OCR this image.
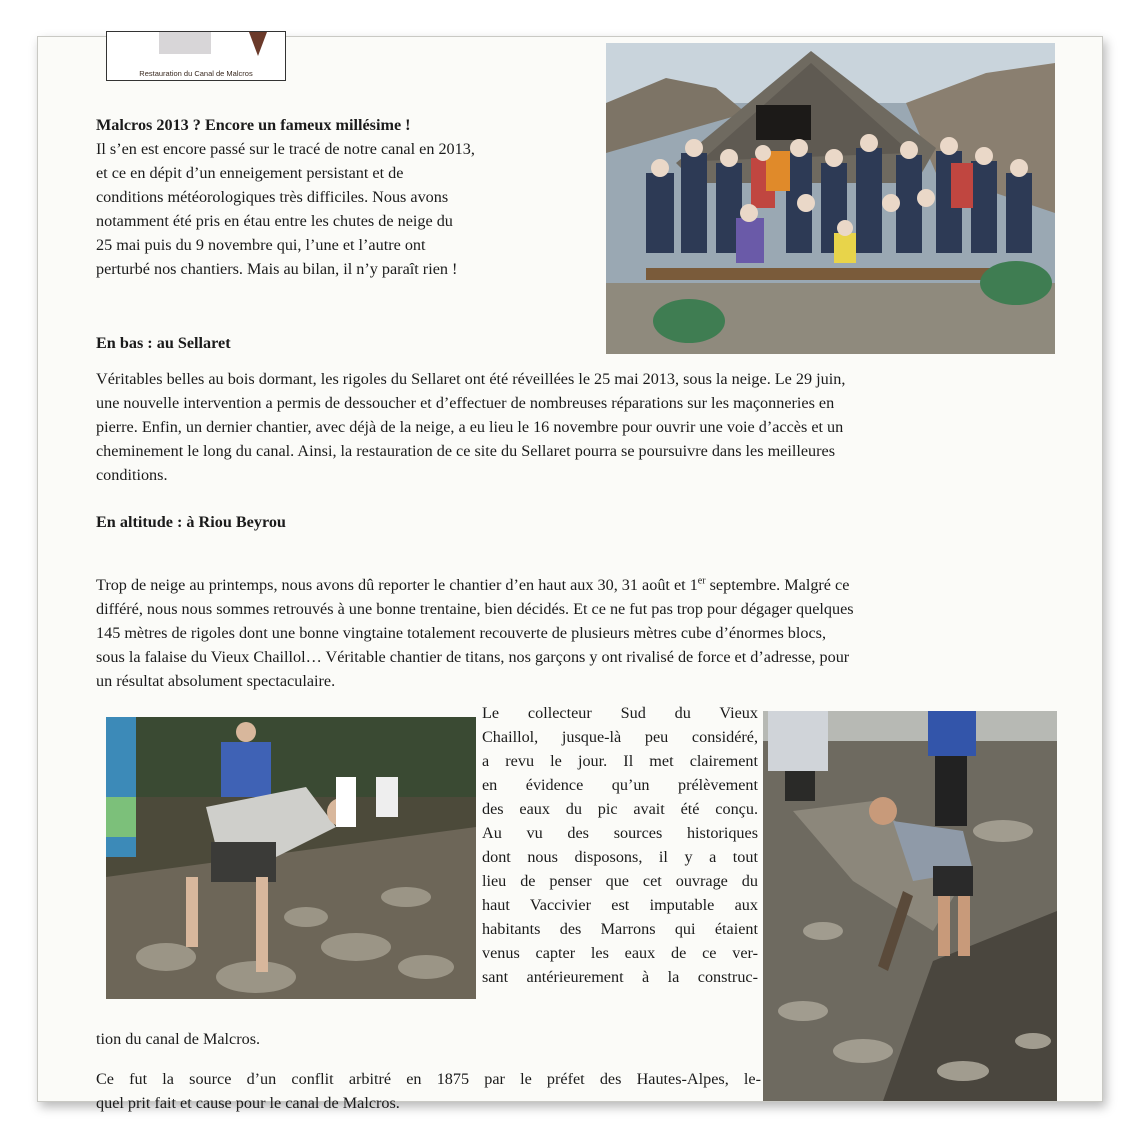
Restauration du Canal de Malcros
Malcros 2013 ? Encore un fameux millésime !
Il s’en est encore passé sur le tracé de notre canal en 2013,
et ce en dépit d’un enneigement persistant et de
conditions météorologiques très difficiles. Nous avons
notamment été pris en étau entre les chutes de neige du
25 mai puis du 9 novembre qui, l’une et l’autre ont
perturbé nos chantiers. Mais au bilan, il n’y paraît rien !
En bas : au Sellaret
Véritables belles au bois dormant, les rigoles du Sellaret ont été réveillées le 25 mai 2013, sous la neige. Le 29 juin,
une nouvelle intervention a permis de dessoucher et d’effectuer de nombreuses réparations sur les maçonneries en
pierre. Enfin, un dernier chantier, avec déjà de la neige, a eu lieu le 16 novembre pour ouvrir une voie d’accès et un
cheminement le long du canal. Ainsi, la restauration de ce site du Sellaret pourra se poursuivre dans les meilleures
conditions.
En altitude : à Riou Beyrou
Trop de neige au printemps, nous avons dû reporter le chantier d’en haut aux 30, 31 août et 1er septembre. Malgré ce
différé, nous nous sommes retrouvés à une bonne trentaine, bien décidés. Et ce ne fut pas trop pour dégager quelques
145 mètres de rigoles dont une bonne vingtaine totalement recouverte de plusieurs mètres cube d’énormes blocs,
sous la falaise du Vieux Chaillol… Véritable chantier de titans, nos garçons y ont rivalisé de force et d’adresse, pour
un résultat absolument spectaculaire.
Le collecteur Sud du Vieux
Chaillol, jusque-là peu considéré,
a revu le jour. Il met clairement
en évidence qu’un prélèvement
des eaux du pic avait été conçu.
Au vu des sources historiques
dont nous disposons, il y a tout
lieu de penser que cet ouvrage du
haut Vaccivier est imputable aux
habitants des Marrons qui étaient
venus capter les eaux de ce ver-
sant antérieurement à la construc-
tion du canal de Malcros.
Ce fut la source d’un conflit arbitré en 1875 par le préfet des Hautes-Alpes, le-
quel prit fait et cause pour le canal de Malcros.
